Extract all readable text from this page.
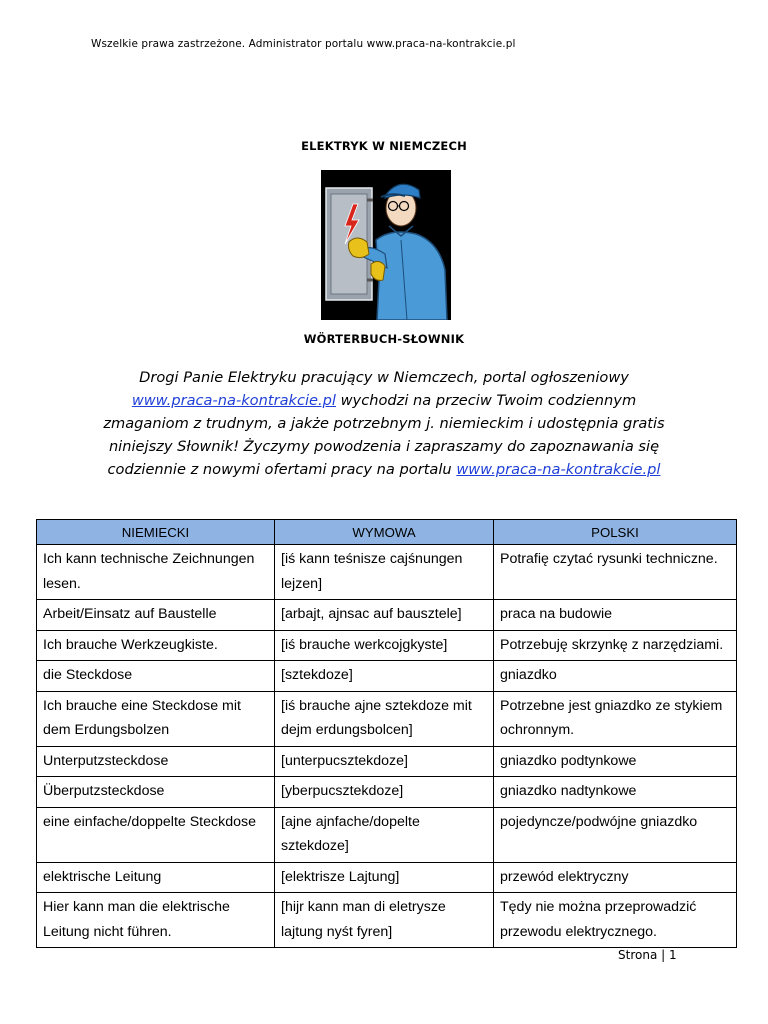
Wszelkie prawa zastrzeżone. Administrator portalu www.praca-na-kontrakcie.pl
ELEKTRYK W NIEMCZECH
WÖRTERBUCH-SŁOWNIK
Drogi Panie Elektryku pracujący w Niemczech, portal ogłoszeniowy
www.praca-na-kontrakcie.pl wychodzi na przeciw Twoim codziennym
zmaganiom z trudnym, a jakże potrzebnym j. niemieckim i udostępnia gratis
niniejszy Słownik! Życzymy powodzenia i zapraszamy do zapoznawania się
codziennie z nowymi ofertami pracy na portalu www.praca-na-kontrakcie.pl
NIEMIECKI	WYMOWA	POLSKI
Ich kann technische Zeichnungen lesen.	[iś kann teśnisze cajśnungen lejzen]	Potrafię czytać rysunki techniczne.
Arbeit/Einsatz auf Baustelle	[arbajt, ajnsac auf bausztele]	praca na budowie
Ich brauche Werkzeugkiste.	[iś brauche werkcojgkyste]	Potrzebuję skrzynkę z narzędziami.
die Steckdose	[sztekdoze]	gniazdko
Ich brauche eine Steckdose mit dem Erdungsbolzen	[iś brauche ajne sztekdoze mit dejm erdungsbolcen]	Potrzebne jest gniazdko ze stykiem ochronnym.
Unterputzsteckdose	[unterpucsztekdoze]	gniazdko podtynkowe
Überputzsteckdose	[yberpucsztekdoze]	gniazdko nadtynkowe
eine einfache/doppelte Steckdose	[ajne ajnfache/dopelte sztekdoze]	pojedyncze/podwójne gniazdko
elektrische Leitung	[elektrisze Lajtung]	przewód elektryczny
Hier kann man die elektrische Leitung nicht führen.	[hijr kann man di eletrysze lajtung nyśt fyren]	Tędy nie można przeprowadzić przewodu elektrycznego.
Strona | 1
